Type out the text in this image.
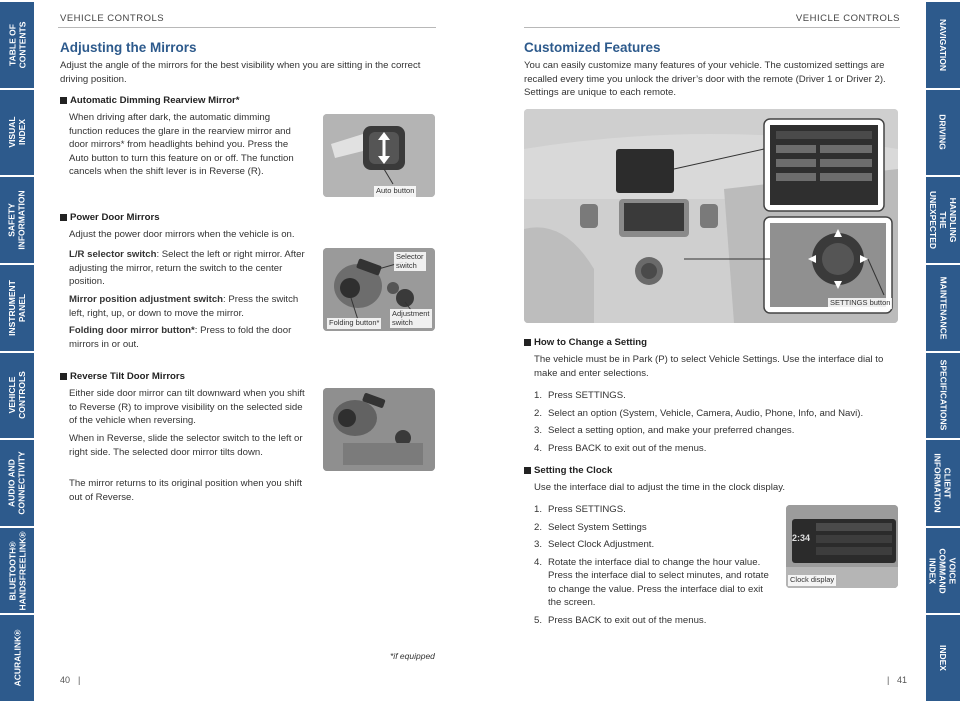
TABLE OF
CONTENTS
VISUAL INDEX
SAFETY
INFORMATION
INSTRUMENT
PANEL
VEHICLE
CONTROLS
AUDIO AND
CONNECTIVITY
BLUETOOTH®
HANDSFREELINK®
ACURALINK®
NAVIGATION
DRIVING
HANDLING THE
UNEXPECTED
MAINTENANCE
SPECIFICATIONS
CLIENT
INFORMATION
VOICE COMMAND
INDEX
INDEX
VEHICLE CONTROLS
Adjusting the Mirrors
Adjust the angle of the mirrors for the best visibility when you are sitting in the correct driving position.
Automatic Dimming Rearview Mirror*
When driving after dark, the automatic dimming function reduces the glare in the rearview mirror and door mirrors* from headlights behind you. Press the Auto button to turn this feature on or off. The function cancels when the shift lever is in Reverse (R).
Auto button
Power Door Mirrors
Adjust the power door mirrors when the vehicle is on.
L/R selector switch: Select the left or right mirror. After adjusting the mirror, return the switch to the center position.
Mirror position adjustment switch: Press the switch left, right, up, or down to move the mirror.
Folding door mirror button*: Press to fold the door mirrors in or out.
Selector
switch
Folding button*
Adjustment
switch
Reverse Tilt Door Mirrors
Either side door mirror can tilt downward when you shift to Reverse (R) to improve visibility on the selected side of the vehicle when reversing.
When in Reverse, slide the selector switch to the left or right side. The selected door mirror tilts down.
The mirror returns to its original position when you shift out of Reverse.
*if equipped
40 |
VEHICLE CONTROLS
Customized Features
You can easily customize many features of your vehicle. The customized settings are recalled every time you unlock the driver’s door with the remote (Driver 1 or Driver 2). Settings are unique to each remote.
SETTINGS button
How to Change a Setting
The vehicle must be in Park (P) to select Vehicle Settings. Use the interface dial to make and enter selections.
1. Press SETTINGS.
2. Select an option (System, Vehicle, Camera, Audio, Phone, Info, and Navi).
3. Select a setting option, and make your preferred changes.
4. Press BACK to exit out of the menus.
Setting the Clock
Use the interface dial to adjust the time in the clock display.
1. Press SETTINGS.
2. Select System Settings
3. Select Clock Adjustment.
4. Rotate the interface dial to change the hour value. Press the interface dial to select minutes, and rotate to change the value. Press the interface dial to exit the screen.
5. Press BACK to exit out of the menus.
2:34
Clock display
| 41
